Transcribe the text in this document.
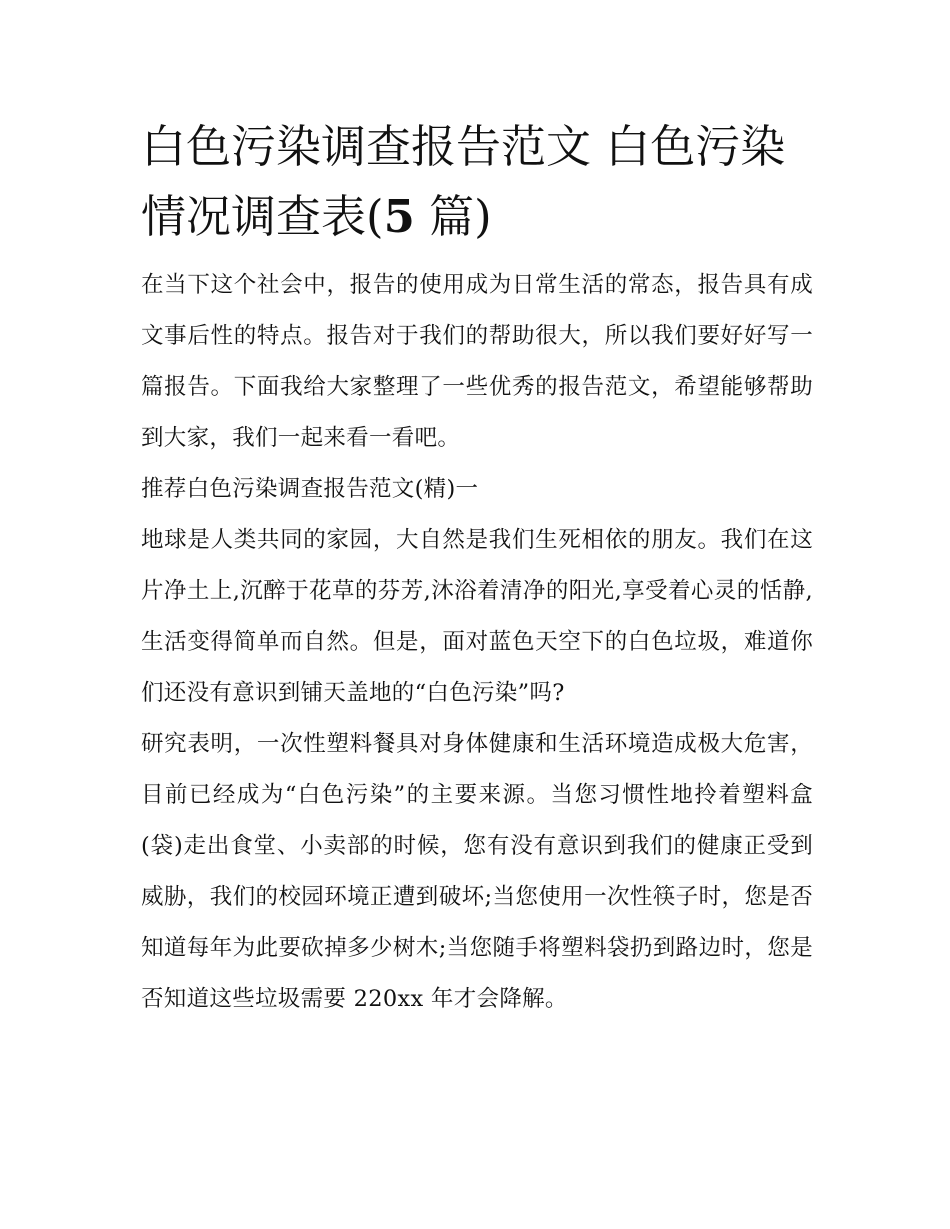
白色污染调查报告范文 白色污染情况调查表(5 篇)

在当下这个社会中，报告的使用成为日常生活的常态，报告具有成文事后性的特点。报告对于我们的帮助很大，所以我们要好好写一篇报告。下面我给大家整理了一些优秀的报告范文，希望能够帮助到大家，我们一起来看一看吧。

推荐白色污染调查报告范文(精)一

地球是人类共同的家园，大自然是我们生死相依的朋友。我们在这片净土上,沉醉于花草的芬芳,沐浴着清净的阳光,享受着心灵的恬静,生活变得简单而自然。但是，面对蓝色天空下的白色垃圾，难道你们还没有意识到铺天盖地的“白色污染”吗?

研究表明，一次性塑料餐具对身体健康和生活环境造成极大危害，目前已经成为“白色污染”的主要来源。当您习惯性地拎着塑料盒(袋)走出食堂、小卖部的时候，您有没有意识到我们的健康正受到威胁，我们的校园环境正遭到破坏;当您使用一次性筷子时，您是否知道每年为此要砍掉多少树木;当您随手将塑料袋扔到路边时，您是否知道这些垃圾需要 220xx 年才会降解。
